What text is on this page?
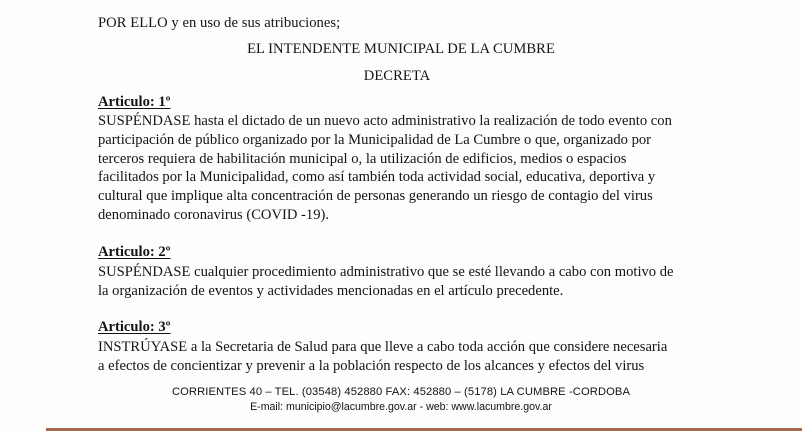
POR ELLO y en uso de sus atribuciones;
EL INTENDENTE MUNICIPAL DE LA CUMBRE
DECRETA
Articulo: 1º
SUSPÉNDASE hasta el dictado de un nuevo acto administrativo la realización de todo evento con
participación de público organizado por la Municipalidad de La Cumbre o que, organizado por
terceros requiera de habilitación municipal o, la utilización de edificios, medios o espacios
facilitados por la Municipalidad, como así también toda actividad social, educativa, deportiva y
cultural que implique alta concentración de personas generando un riesgo de contagio del virus
denominado coronavirus (COVID -19).
Articulo: 2º
SUSPÉNDASE cualquier procedimiento administrativo que se esté llevando a cabo con motivo de
la organización de eventos y actividades mencionadas en el artículo precedente.
Articulo: 3º
INSTRÚYASE a la Secretaria de Salud para que lleve a cabo toda acción que considere necesaria
a efectos de concientizar y prevenir a la población respecto de los alcances y efectos del virus
CORRIENTES 40 – TEL. (03548) 452880 FAX: 452880 – (5178) LA CUMBRE -CORDOBA
E-mail: municipio@lacumbre.gov.ar - web: www.lacumbre.gov.ar
